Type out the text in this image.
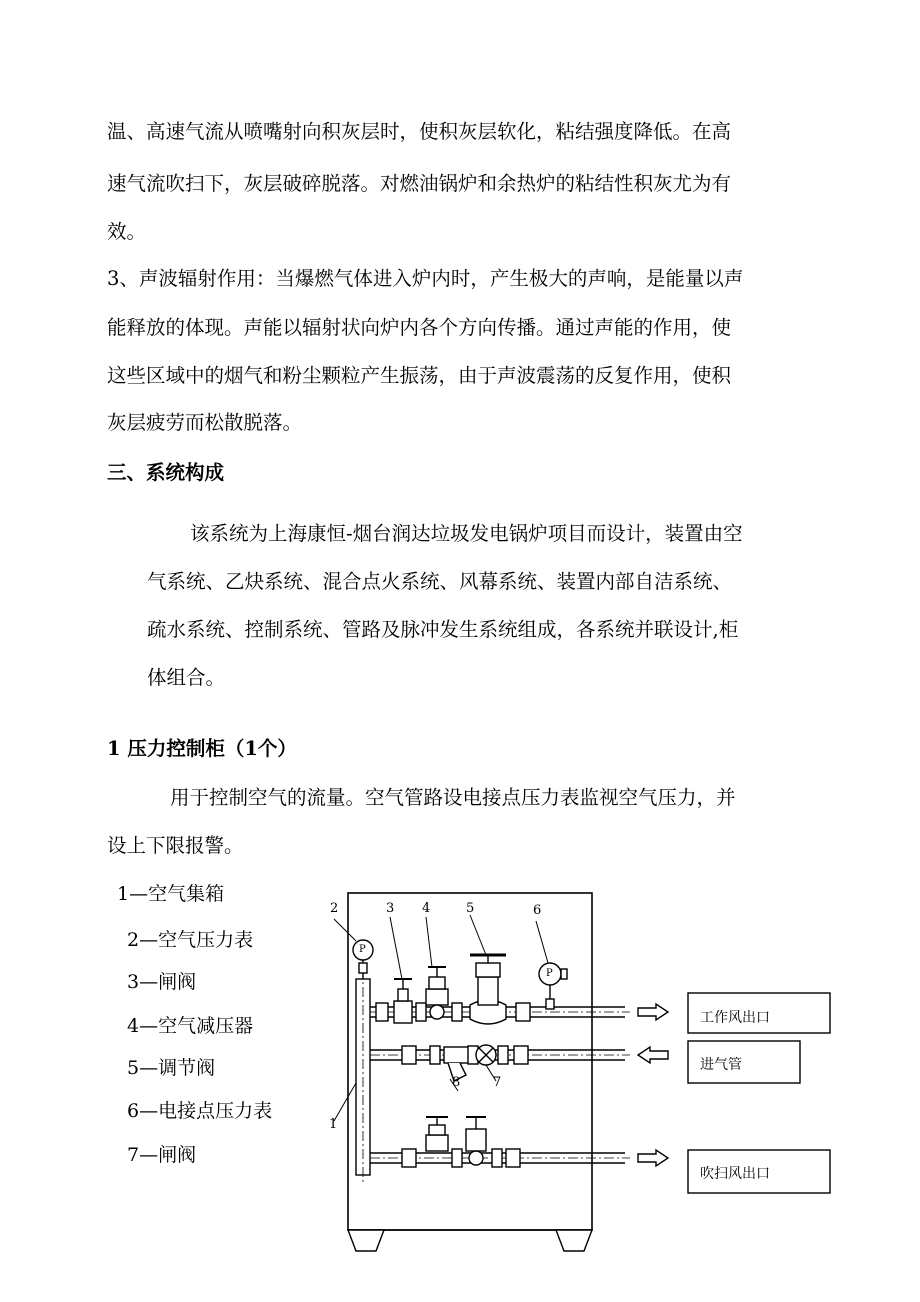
温、高速气流从喷嘴射向积灰层时，使积灰层软化，粘结强度降低。在高
速气流吹扫下，灰层破碎脱落。对燃油锅炉和余热炉的粘结性积灰尤为有
效。
3、声波辐射作用：当爆燃气体进入炉内时，产生极大的声响，是能量以声
能释放的体现。声能以辐射状向炉内各个方向传播。通过声能的作用，使
这些区域中的烟气和粉尘颗粒产生振荡，由于声波震荡的反复作用，使积
灰层疲劳而松散脱落。
三、系统构成
该系统为上海康恒-烟台润达垃圾发电锅炉项目而设计，装置由空
气系统、乙炔系统、混合点火系统、风幕系统、装置内部自洁系统、
疏水系统、控制系统、管路及脉冲发生系统组成，各系统并联设计,柜
体组合。
1 压力控制柜（1个）
用于控制空气的流量。空气管路设电接点压力表监视空气压力，并
设上下限报警。
1—空气集箱
2—空气压力表
3—闸阀
4—空气减压器
5—调节阀
6—电接点压力表
7—闸阀
2	3 4	5	6
7
8
1
P
P
工作风出口
进气管
吹扫风出口
